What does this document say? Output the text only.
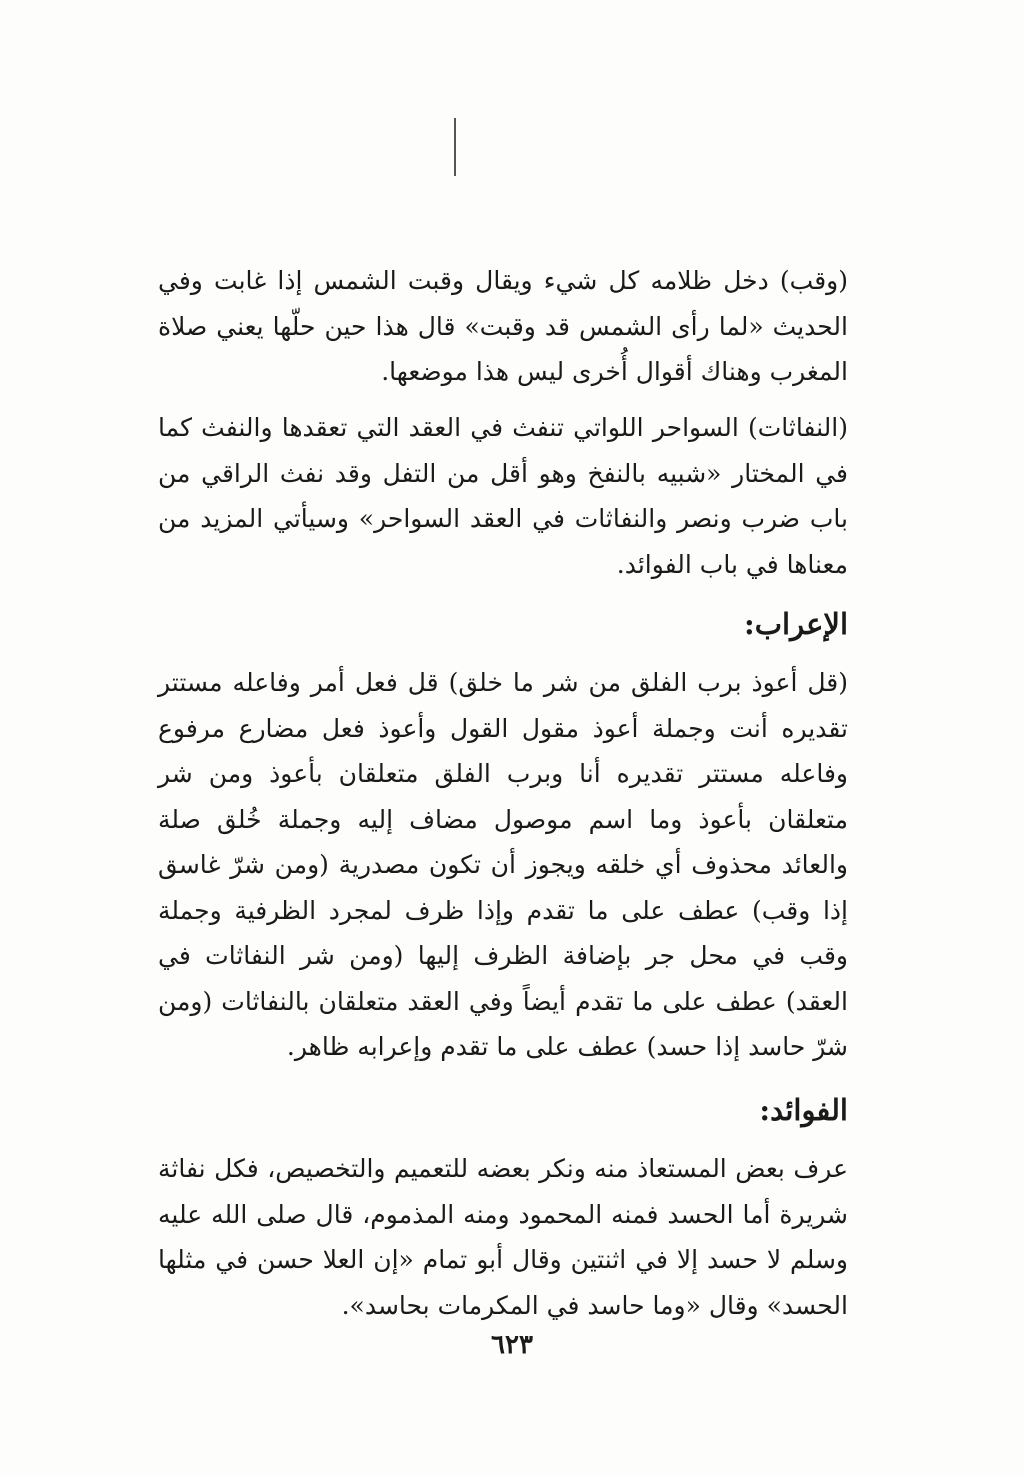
(وقب) دخل ظلامه كل شيء ويقال وقبت الشمس إذا غابت وفي الحديث «لما رأى الشمس قد وقبت» قال هذا حين حلّها يعني صلاة المغرب وهناك أقوال أُخرى ليس هذا موضعها.

(النفاثات) السواحر اللواتي تنفث في العقد التي تعقدها والنفث كما في المختار «شبيه بالنفخ وهو أقل من التفل وقد نفث الراقي من باب ضرب ونصر والنفاثات في العقد السواحر» وسيأتي المزيد من معناها في باب الفوائد.

الإعراب:

(قل أعوذ برب الفلق من شر ما خلق) قل فعل أمر وفاعله مستتر تقديره أنت وجملة أعوذ مقول القول وأعوذ فعل مضارع مرفوع وفاعله مستتر تقديره أنا وبرب الفلق متعلقان بأعوذ ومن شر متعلقان بأعوذ وما اسم موصول مضاف إليه وجملة خُلق صلة والعائد محذوف أي خلقه ويجوز أن تكون مصدرية (ومن شرّ غاسق إذا وقب) عطف على ما تقدم وإذا ظرف لمجرد الظرفية وجملة وقب في محل جر بإضافة الظرف إليها (ومن شر النفاثات في العقد) عطف على ما تقدم أيضاً وفي العقد متعلقان بالنفاثات (ومن شرّ حاسد إذا حسد) عطف على ما تقدم وإعرابه ظاهر.

الفوائد:

عرف بعض المستعاذ منه ونكر بعضه للتعميم والتخصيص، فكل نفاثة شريرة أما الحسد فمنه المحمود ومنه المذموم، قال صلى الله عليه وسلم لا حسد إلا في اثنتين وقال أبو تمام «إن العلا حسن في مثلها الحسد» وقال «وما حاسد في المكرمات بحاسد».

٦٢٣
